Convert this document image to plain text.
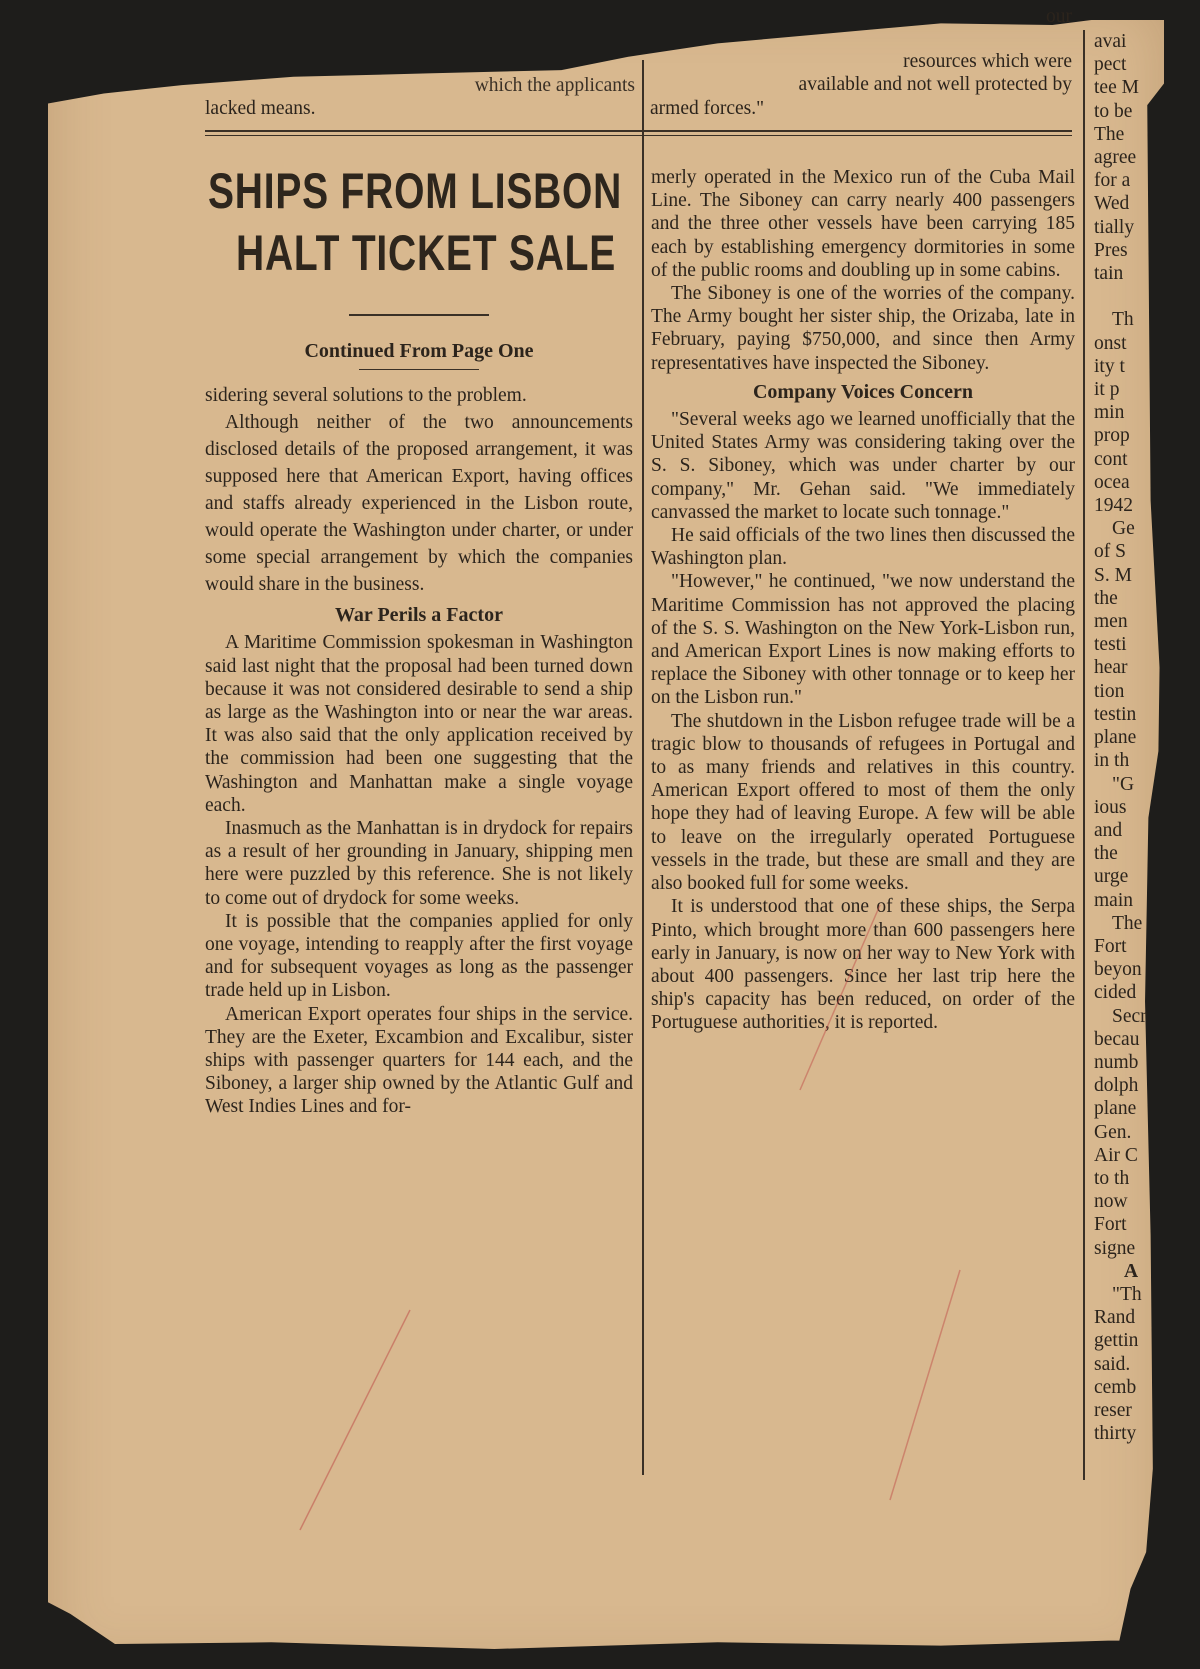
which the applicants
lacked means.
our
resources which were
available and not well protected by
armed forces."
SHIPS FROM LISBON
HALT TICKET SALE
Continued From Page One

sidering several solutions to the problem.

Although neither of the two announcements disclosed details of the proposed arrangement, it was supposed here that American Export, having offices and staffs already experienced in the Lisbon route, would operate the Washington under charter, or under some special arrangement by which the companies would share in the business.

War Perils a Factor

A Maritime Commission spokesman in Washington said last night that the proposal had been turned down because it was not considered desirable to send a ship as large as the Washington into or near the war areas. It was also said that the only application received by the commission had been one suggesting that the Washington and Manhattan make a single voyage each.

Inasmuch as the Manhattan is in drydock for repairs as a result of her grounding in January, shipping men here were puzzled by this reference. She is not likely to come out of drydock for some weeks.

It is possible that the companies applied for only one voyage, intending to reapply after the first voyage and for subsequent voyages as long as the passenger trade held up in Lisbon.

American Export operates four ships in the service. They are the Exeter, Excambion and Excalibur, sister ships with passenger quarters for 144 each, and the Siboney, a larger ship owned by the Atlantic Gulf and West Indies Lines and for-

merly operated in the Mexico run of the Cuba Mail Line. The Siboney can carry nearly 400 passengers and the three other vessels have been carrying 185 each by establishing emergency dormitories in some of the public rooms and doubling up in some cabins.

The Siboney is one of the worries of the company. The Army bought her sister ship, the Orizaba, late in February, paying $750,000, and since then Army representatives have inspected the Siboney.

Company Voices Concern

"Several weeks ago we learned unofficially that the United States Army was considering taking over the S. S. Siboney, which was under charter by our company," Mr. Gehan said. "We immediately canvassed the market to locate such tonnage."

He said officials of the two lines then discussed the Washington plan.

"However," he continued, "we now understand the Maritime Commission has not approved the placing of the S. S. Washington on the New York-Lisbon run, and American Export Lines is now making efforts to replace the Siboney with other tonnage or to keep her on the Lisbon run."

The shutdown in the Lisbon refugee trade will be a tragic blow to thousands of refugees in Portugal and to as many friends and relatives in this country. American Export offered to most of them the only hope they had of leaving Europe. A few will be able to leave on the irregularly operated Portuguese vessels in the trade, but these are small and they are also booked full for some weeks.

It is understood that one of these ships, the Serpa Pinto, which brought more than 600 passengers here early in January, is now on her way to New York with about 400 passengers. Since her last trip here the ship's capacity has been reduced, on order of the Portuguese authorities, it is reported.

avai
pect
tee M
to be
The
agree
for a
Wed
tially
Pres
tain

Th
onst
ity t
it p
min
prop
cont
ocea
1942
Ge
of S
S. M
the
men
testi
hear
tion
testin
plane
in th
"G
ious
and
the
urge
main
The
Fort
beyon
cided
Secr
becau
numb
dolph
plane
Gen.
Air C
to th
now
Fort
signe
A
"Th
Rand
gettin
said.
cemb
reser
thirty
